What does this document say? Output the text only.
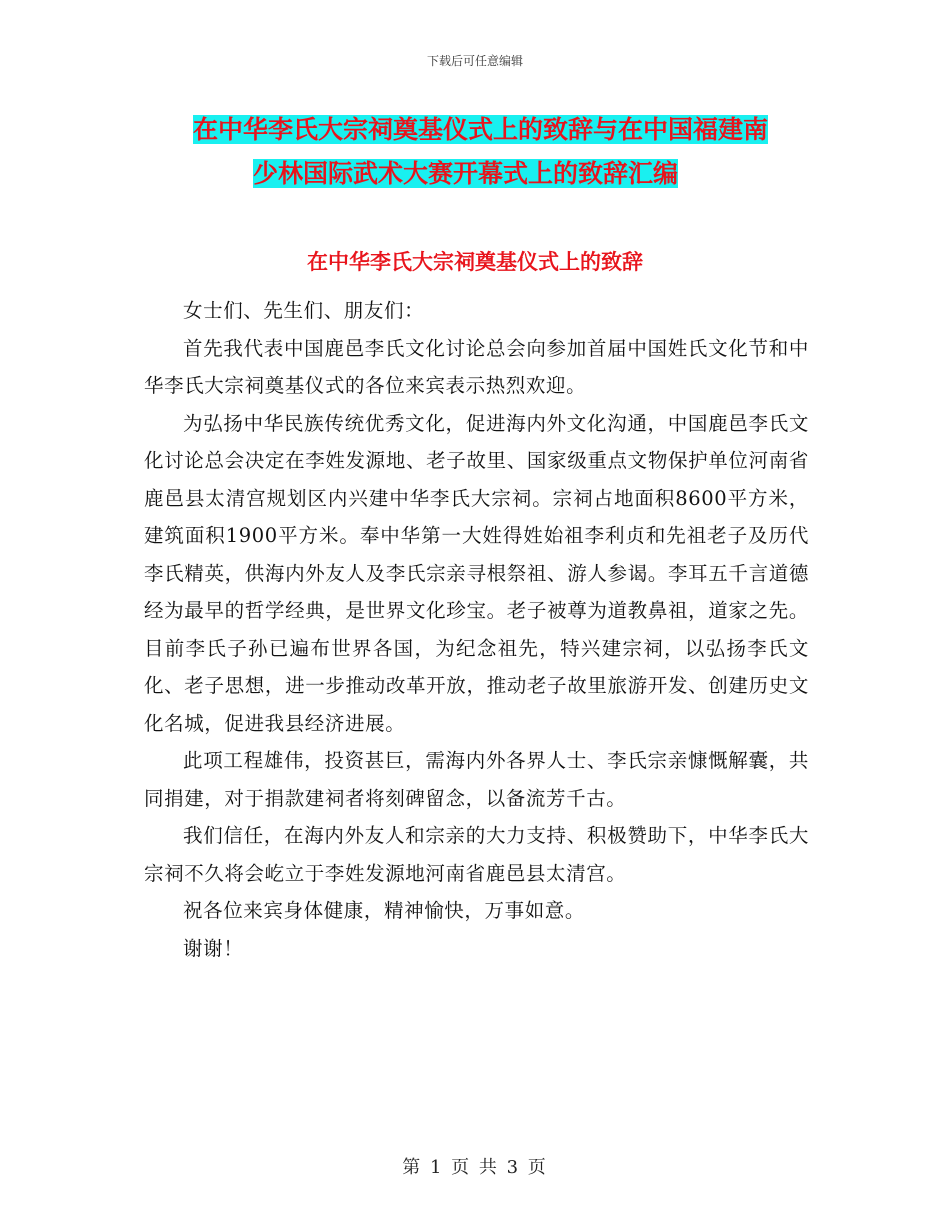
下载后可任意编辑
在中华李氏大宗祠奠基仪式上的致辞与在中国福建南
少林国际武术大赛开幕式上的致辞汇编
在中华李氏大宗祠奠基仪式上的致辞

女士们、先生们、朋友们：

首先我代表中国鹿邑李氏文化讨论总会向参加首届中国姓氏文化节和中华李氏大宗祠奠基仪式的各位来宾表示热烈欢迎。

为弘扬中华民族传统优秀文化，促进海内外文化沟通，中国鹿邑李氏文化讨论总会决定在李姓发源地、老子故里、国家级重点文物保护单位河南省鹿邑县太清宫规划区内兴建中华李氏大宗祠。宗祠占地面积8600平方米，建筑面积1900平方米。奉中华第一大姓得姓始祖李利贞和先祖老子及历代李氏精英，供海内外友人及李氏宗亲寻根祭祖、游人参谒。李耳五千言道德经为最早的哲学经典，是世界文化珍宝。老子被尊为道教鼻祖，道家之先。目前李氏子孙已遍布世界各国，为纪念祖先，特兴建宗祠，以弘扬李氏文化、老子思想，进一步推动改革开放，推动老子故里旅游开发、创建历史文化名城，促进我县经济进展。

此项工程雄伟，投资甚巨，需海内外各界人士、李氏宗亲慷慨解囊，共同捐建，对于捐款建祠者将刻碑留念，以备流芳千古。

我们信任，在海内外友人和宗亲的大力支持、积极赞助下，中华李氏大宗祠不久将会屹立于李姓发源地河南省鹿邑县太清宫。

祝各位来宾身体健康，精神愉快，万事如意。

谢谢！

第 1 页 共 3 页
